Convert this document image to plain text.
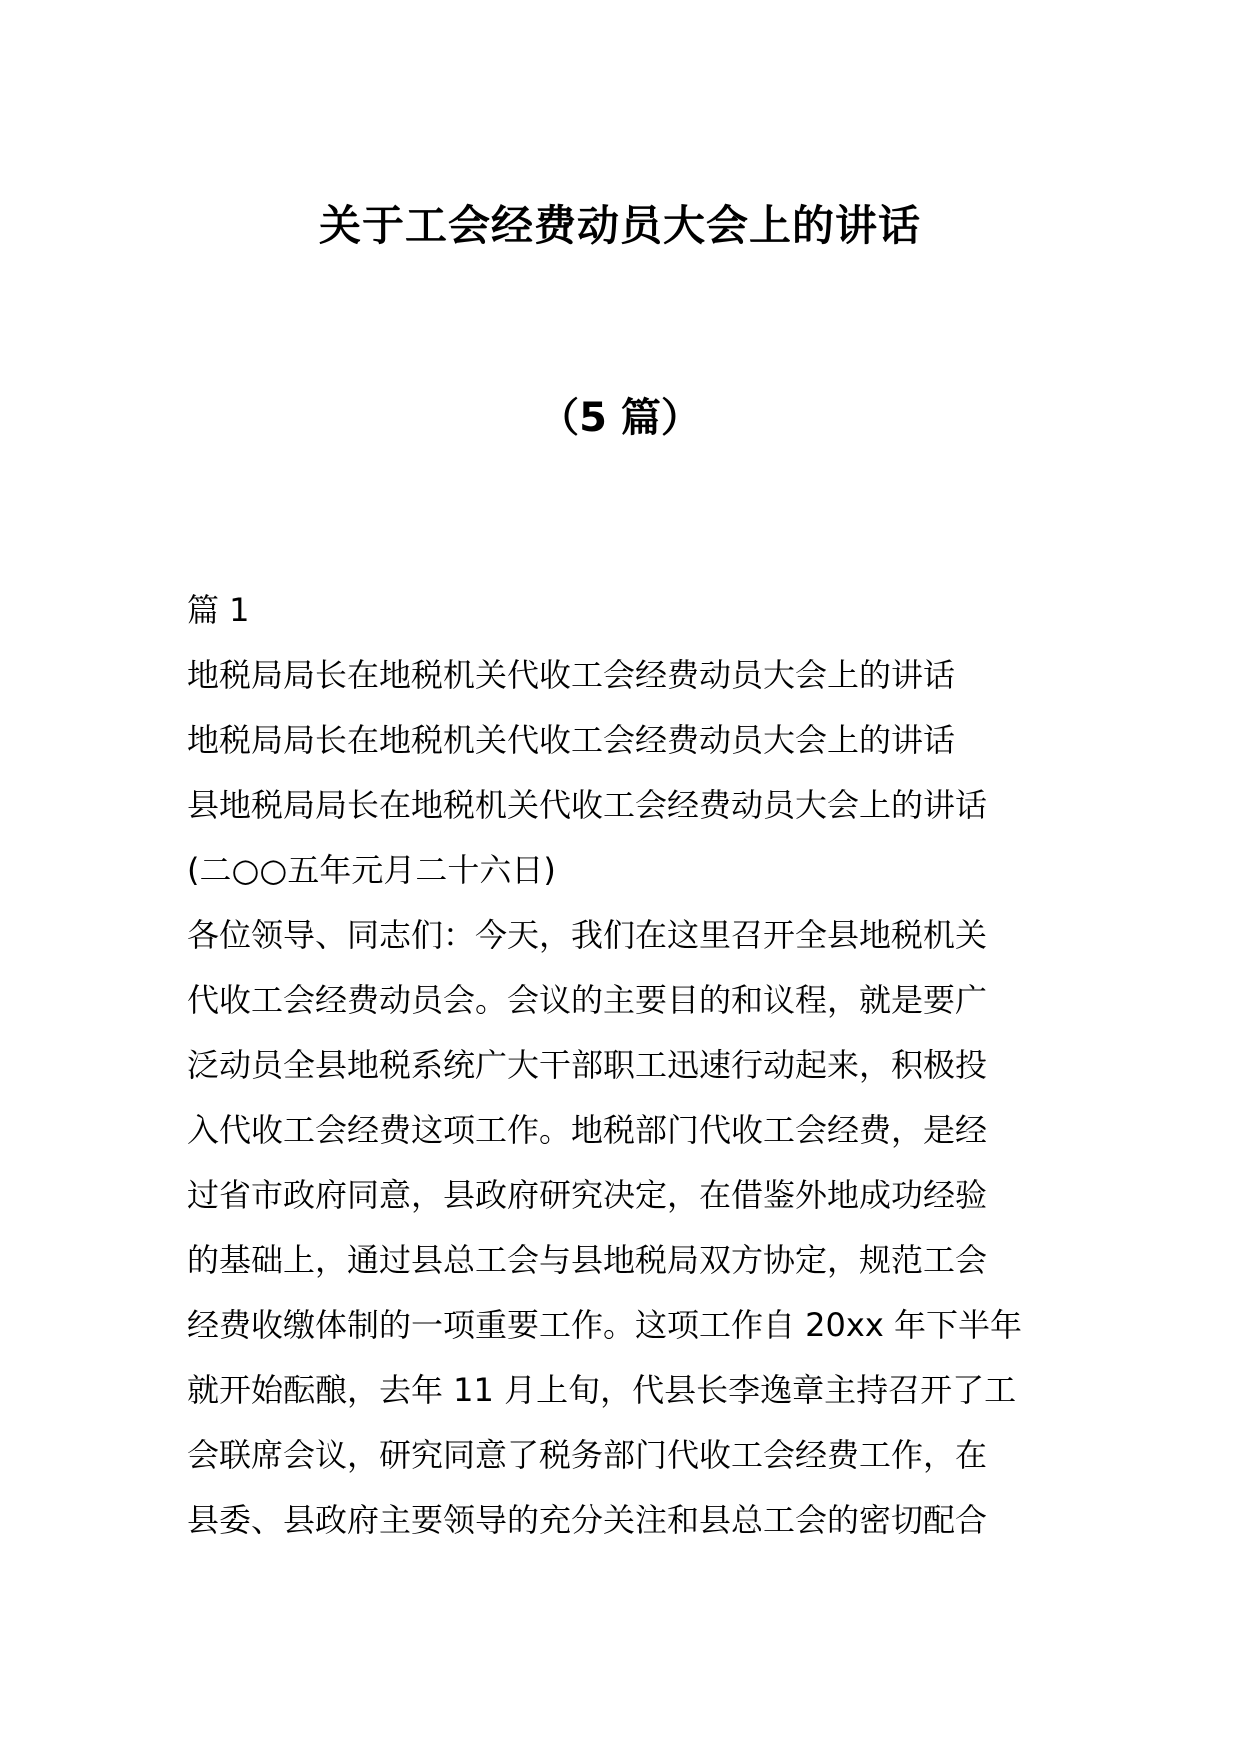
关于工会经费动员大会上的讲话
（5 篇）
篇 1
地税局局长在地税机关代收工会经费动员大会上的讲话
地税局局长在地税机关代收工会经费动员大会上的讲话
县地税局局长在地税机关代收工会经费动员大会上的讲话
(二○○五年元月二十六日)
各位领导、同志们：今天，我们在这里召开全县地税机关
代收工会经费动员会。会议的主要目的和议程，就是要广
泛动员全县地税系统广大干部职工迅速行动起来，积极投
入代收工会经费这项工作。地税部门代收工会经费，是经
过省市政府同意，县政府研究决定，在借鉴外地成功经验
的基础上，通过县总工会与县地税局双方协定，规范工会
经费收缴体制的一项重要工作。这项工作自 20xx 年下半年
就开始酝酿，去年 11 月上旬，代县长李逸章主持召开了工
会联席会议，研究同意了税务部门代收工会经费工作，在
县委、县政府主要领导的充分关注和县总工会的密切配合
